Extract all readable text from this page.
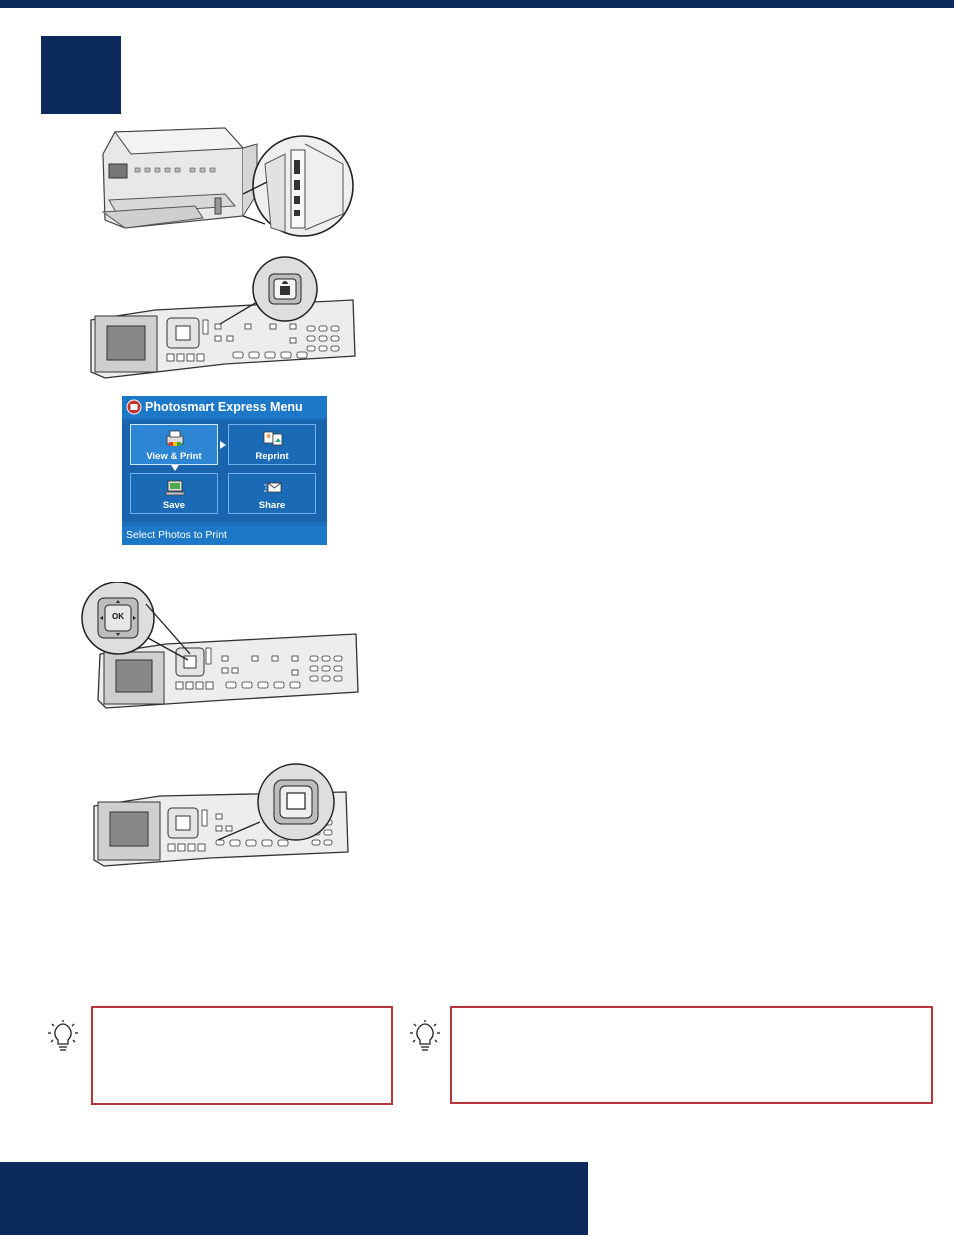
Photosmart Express Menu
View & Print	Reprint
Save	Share
Select Photos to Print
OK
